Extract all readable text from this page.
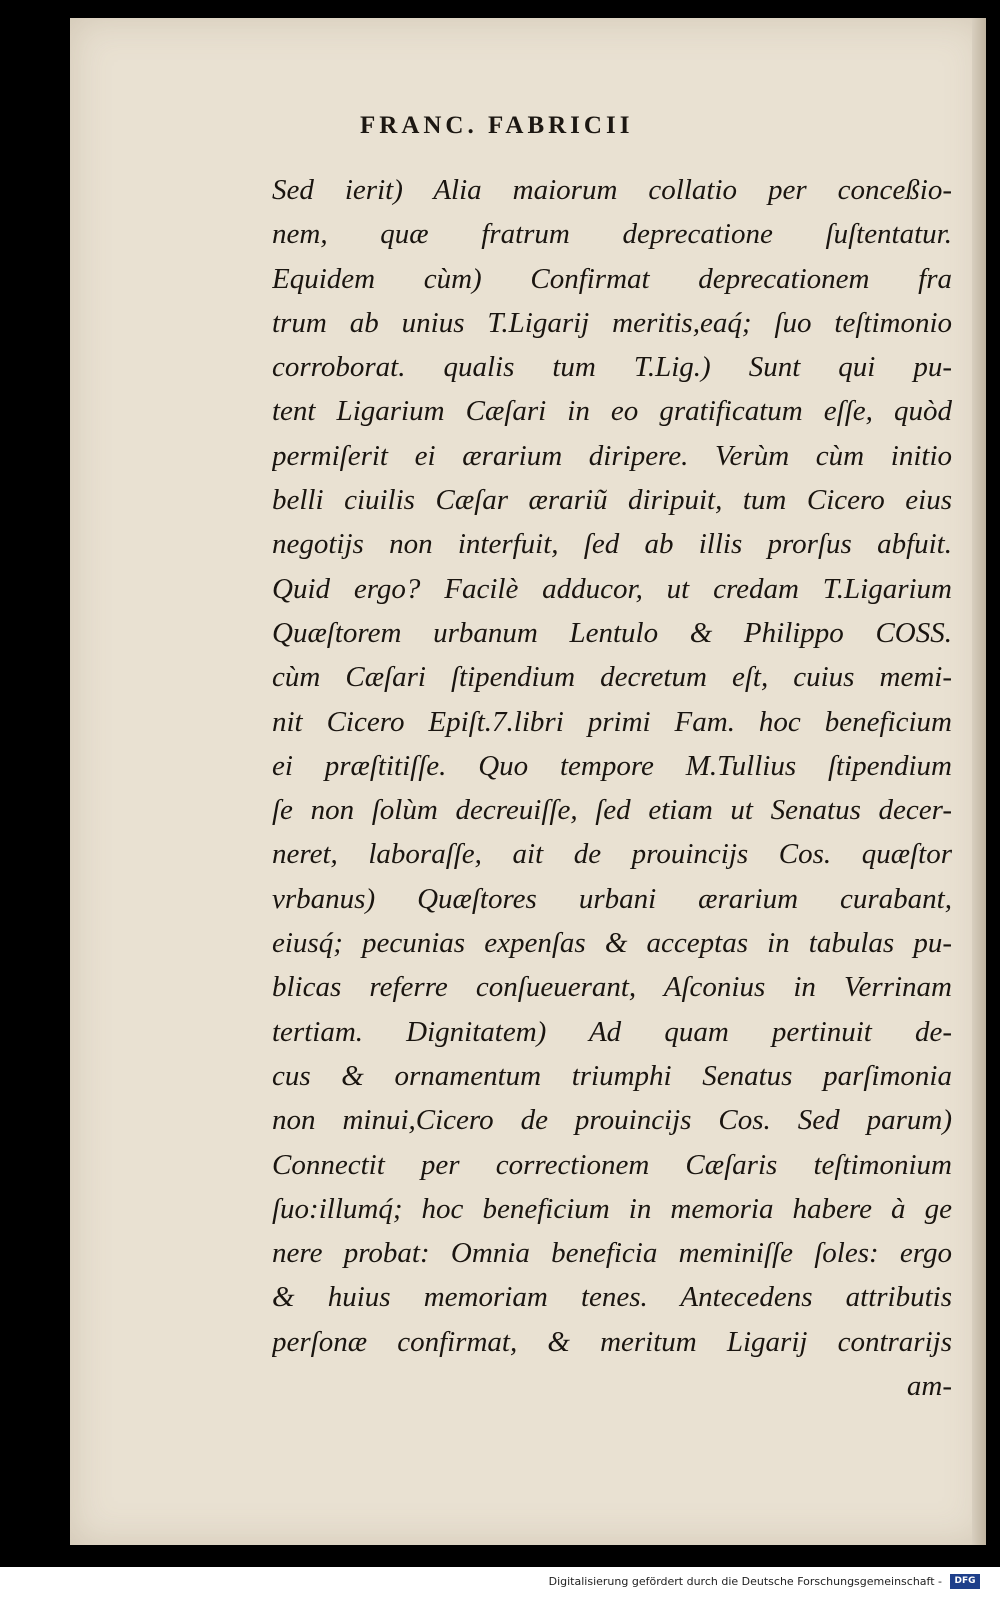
FRANC. FABRICII
Sed ierit) Alia maiorum collatio per conceßio-
nem, quæ fratrum deprecatione ſuſtentatur.
Equidem cùm) Confirmat deprecationem fra
trum ab unius T.Ligarij meritis,eaq́; ſuo teſtimonio
corroborat. qualis tum T.Lig.) Sunt qui pu-
tent Ligarium Cæſari in eo gratificatum eſſe, quòd
permiſerit ei ærarium diripere. Verùm cùm initio
belli ciuilis Cæſar ærariũ diripuit, tum Cicero eius
negotijs non interfuit, ſed ab illis prorſus abfuit.
Quid ergo? Facilè adducor, ut credam T.Ligarium
Quæſtorem urbanum Lentulo & Philippo COSS.
cùm Cæſari ſtipendium decretum eſt, cuius memi-
nit Cicero Epiſt.7.libri primi Fam. hoc beneficium
ei præſtitiſſe. Quo tempore M.Tullius ſtipendium
ſe non ſolùm decreuiſſe, ſed etiam ut Senatus decer-
neret, laboraſſe, ait de prouincijs Cos. quæſtor
vrbanus) Quæſtores urbani ærarium curabant,
eiusq́; pecunias expenſas & acceptas in tabulas pu-
blicas referre conſueuerant, Aſconius in Verrinam
tertiam. Dignitatem) Ad quam pertinuit de-
cus & ornamentum triumphi Senatus parſimonia
non minui,Cicero de prouincijs Cos. Sed parum)
Connectit per correctionem Cæſaris teſtimonium
ſuo:illumq́; hoc beneficium in memoria habere à ge
nere probat: Omnia beneficia meminiſſe ſoles: ergo
& huius memoriam tenes. Antecedens attributis
perſonæ confirmat, & meritum Ligarij contrarijs
am-
Digitalisierung gefördert durch die Deutsche Forschungsgemeinschaft -	DFG
